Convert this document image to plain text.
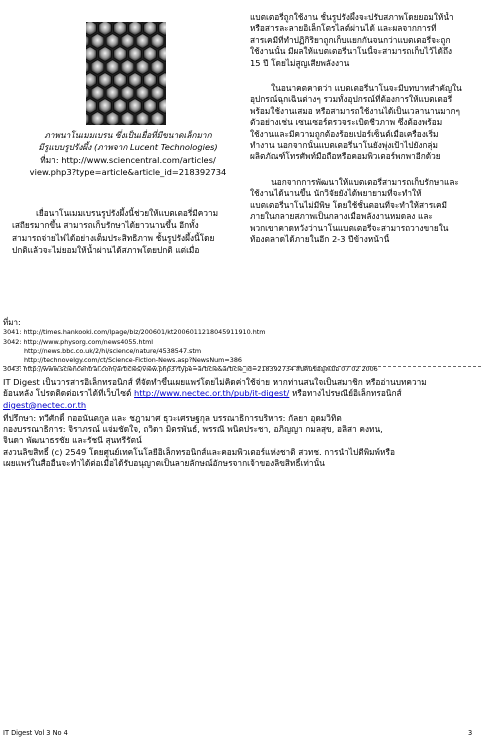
ภาพนาโนเมมเบรน ซึ่งเป็นเยื่อที่มีขนาดเล็กมาก
มีรูแบบรูปรังผึ้ง (ภาพจาก Lucent Technologies)
ที่มา: http://www.sciencentral.com/articles/
view.php3?type=article&article_id=218392734
เยื่อนาโนเมมเบรนรูปรังผึ้งนี้ช่วยให้แบตเตอรี่มีความ
เสถียรมากขึ้น สามารถเก็บรักษาได้ยาวนานขึ้น อีกทั้ง
สามารถจ่ายไฟได้อย่างเต็มประสิทธิภาพ ชั้นรูปรังผึ้งนี้โดย
ปกติแล้วจะไม่ยอมให้น้ำผ่านได้สภาพโดยปกติ แต่เมื่อ
แบตเตอรี่ถูกใช้งาน ชั้นรูปรังผึ้งจะปรับสภาพโดยยอมให้น้ำ
หรือสารละลายอิเล็กโตรไลต์ผ่านได้ และผลจากการที่
สารเคมีที่ทำปฏิกิริยาถูกเก็บแยกกันจนกว่าแบตเตอรี่จะถูก
ใช้งานนั้น มีผลให้แบตเตอรี่นาโนนี้จะสามารถเก็บไว้ได้ถึง
15 ปี โดยไม่สูญเสียพลังงาน
ในอนาคตคาดว่า แบตเตอรี่นาโนจะมีบทบาทสำคัญใน
อุปกรณ์ฉุกเฉินต่างๆ รวมทั้งอุปกรณ์ที่ต้องการให้แบตเตอรี่
พร้อมใช้งานเสมอ หรือสามารถใช้งานได้เป็นเวลานานมากๆ
ตัวอย่างเช่น เซนเซอร์ตรวจระเบิดชีวภาพ ซึ่งต้องพร้อม
ใช้งานและมีความถูกต้องร้อยเปอร์เซ็นต์เมื่อเครื่องเริ่ม
ทำงาน นอกจากนั้นแบตเตอรี่นาโนยังพุ่งเป้าไปยังกลุ่ม
ผลิตภัณฑ์โทรศัพท์มือถือหรือคอมพิวเตอร์พกพาอีกด้วย
นอกจากการพัฒนาให้แบตเตอรี่สามารถเก็บรักษาและ
ใช้งานได้นานขึ้น นักวิจัยยังได้พยายามที่จะทำให้
แบตเตอรี่นาโนไม่มีพิษ โดยใช้ชั้นตอนที่จะทำให้สารเคมี
ภายในกลายสภาพเป็นกลางเมื่อพลังงานหมดลง และ
พวกเขาคาดหวังว่านาโนแบตเตอรี่จะสามารถวางขายใน
ท้องตลาดได้ภายในอีก 2-3 ปีข้างหน้านี้
ที่มา:
3041: http://times.hankooki.com/lpage/biz/200601/kt2006011218045911910.htm
3042: http://www.physorg.com/news4055.html
http://news.bbc.co.uk/2/hi/science/nature/4538547.stm
http://technovelgy.com/ct/Science-Fiction-News.asp?NewsNum=386
3043: http://www.sciencentral.com/articles/view.php3?type=article&article_id=218392734 สืบค้นข้อมูลเมื่อ 07 02 2006
IT Digest เป็นวารสารอิเล็กทรอนิกส์ ที่จัดทำขึ้นเผยแพร่โดยไม่คิดค่าใช้จ่าย หากท่านสนใจเป็นสมาชิก หรืออ่านบทความ
ย้อนหลัง โปรดติดต่อเราได้ที่เว็บไซต์ http://www.nectec.or.th/pub/it-digest/ หรือทางไปรษณีย์อิเล็กทรอนิกส์
digest@nectec.or.th
ที่ปรึกษา: ทวีศักดิ์ กออนันตกูล และ ชฎามาศ ธุวะเศรษฐกุล บรรณาธิการบริหาร: กัลยา อุดมวิทิต
กองบรรณาธิการ: จิราภรณ์ แจ่มชัดใจ, ถวิดา มิตรพันธ์, พรรณี พนิตประชา, อภิญญา กมลสุข, อลิสา คงทน,
จินดา พัฒนาธรชัย และรัชนี สุนทรีรัตน์
สงวนลิขสิทธิ์ (c) 2549 โดยศูนย์เทคโนโลยีอิเล็กทรอนิกส์และคอมพิวเตอร์แห่งชาติ สวทช. การนำไปตีพิมพ์หรือ
เผยแพร่ในสื่ออื่นจะทำได้ต่อเมื่อได้รับอนุญาตเป็นลายลักษณ์อักษรจากเจ้าของลิขสิทธิ์เท่านั้น
IT Digest Vol 3 No 4	3
